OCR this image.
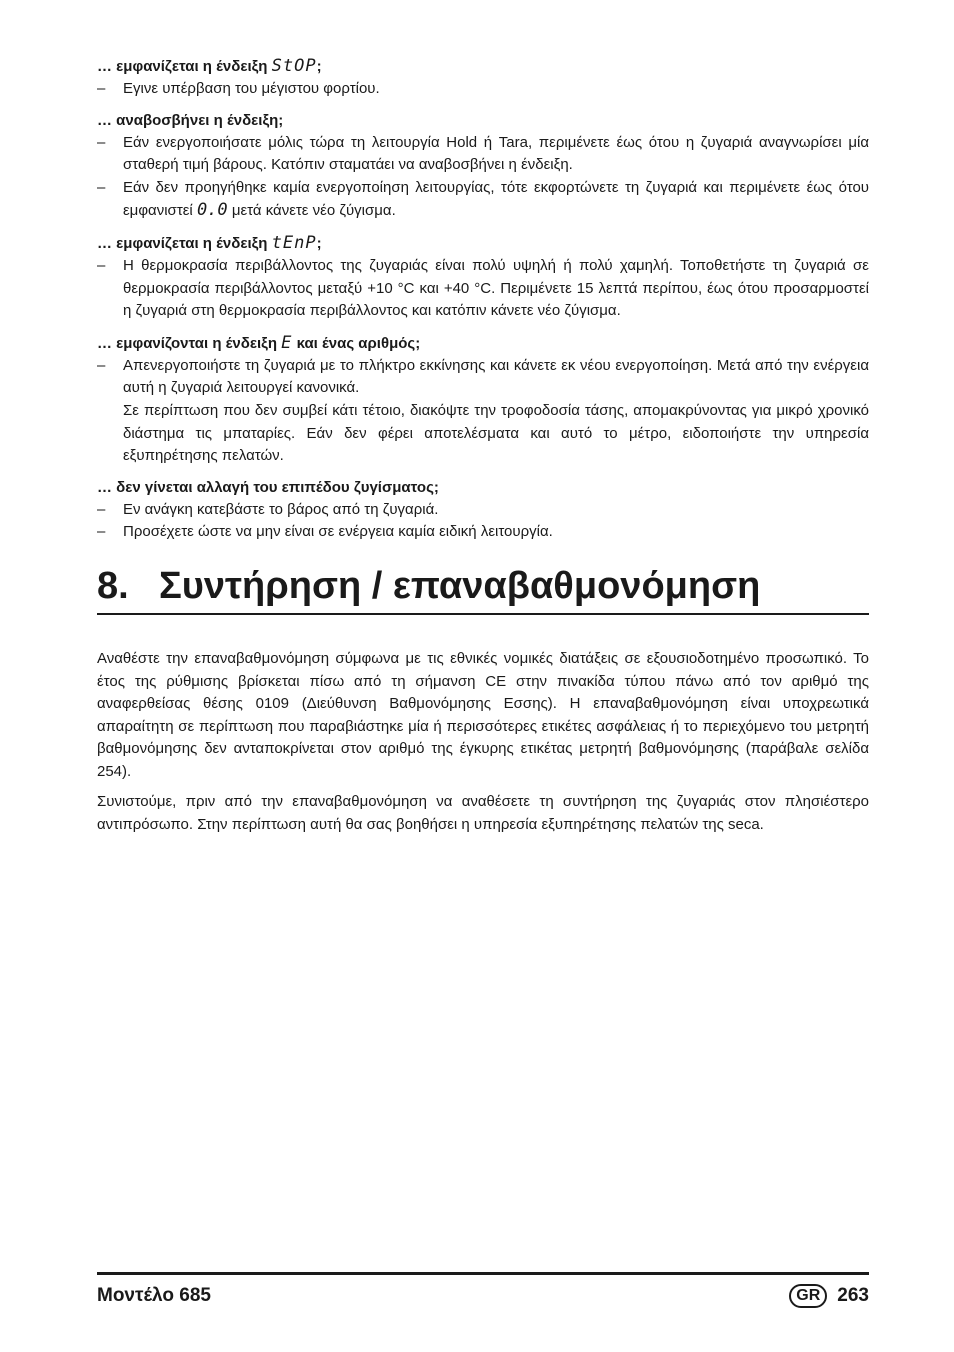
… εμφανίζεται η ένδειξη StOP;

– Εγινε υπέρβαση του μέγιστου φορτίου.

… αναβοσβήνει η ένδειξη;

– Εάν ενεργοποιήσατε μόλις τώρα τη λειτουργία Hold ή Tara, περιμένετε έως ότου η ζυγαριά αναγνωρίσει μία σταθερή τιμή βάρους. Κατόπιν σταματάει να αναβοσβήνει η ένδειξη.

– Εάν δεν προηγήθηκε καμία ενεργοποίηση λειτουργίας, τότε εκφορτώνετε τη ζυγαριά και περιμένετε έως ότου εμφανιστεί 0.0 μετά κάνετε νέο ζύγισμα.

… εμφανίζεται η ένδειξη tEnP;

– Η θερμοκρασία περιβάλλοντος της ζυγαριάς είναι πολύ υψηλή ή πολύ χαμηλή. Τοποθετήστε τη ζυγαριά σε θερμοκρασία περιβάλλοντος μεταξύ +10 °C και +40 °C. Περιμένετε 15 λεπτά περίπου, έως ότου προσαρμοστεί η ζυγαριά στη θερμοκρασία περιβάλλοντος και κατόπιν κάνετε νέο ζύγισμα.

… εμφανίζονται η ένδειξη E και ένας αριθμός;

– Απενεργοποιήστε τη ζυγαριά με το πλήκτρο εκκίνησης και κάνετε εκ νέου ενεργοποίηση. Μετά από την ενέργεια αυτή η ζυγαριά λειτουργεί κανονικά.

Σε περίπτωση που δεν συμβεί κάτι τέτοιο, διακόψτε την τροφοδοσία τάσης, απομακρύνοντας για μικρό χρονικό διάστημα τις μπαταρίες. Εάν δεν φέρει αποτελέσματα και αυτό το μέτρο, ειδοποιήστε την υπηρεσία εξυπηρέτησης πελατών.

… δεν γίνεται αλλαγή του επιπέδου ζυγίσματος;

– Εν ανάγκη κατεβάστε το βάρος από τη ζυγαριά.

– Προσέχετε ώστε να μην είναι σε ενέργεια καμία ειδική λειτουργία.

8. Συντήρηση / επαναβαθμονόμηση

Αναθέστε την επαναβαθμονόμηση σύμφωνα με τις εθνικές νομικές διατάξεις σε εξουσιοδοτημένο προσωπικό. Το έτος της ρύθμισης βρίσκεται πίσω από τη σήμανση CE στην πινακίδα τύπου πάνω από τον αριθμό της αναφερθείσας θέσης 0109 (Διεύθυνση Βαθμονόμησης Εσσης). Η επαναβαθμονόμηση είναι υποχρεωτικά απαραίτητη σε περίπτωση που παραβιάστηκε μία ή περισσότερες ετικέτες ασφάλειας ή το περιεχόμενο του μετρητή βαθμονόμησης δεν ανταποκρίνεται στον αριθμό της έγκυρης ετικέτας μετρητή βαθμονόμησης (παράβαλε σελίδα 254).

Συνιστούμε, πριν από την επαναβαθμονόμηση να αναθέσετε τη συντήρηση της ζυγαριάς στον πλησιέστερο αντιπρόσωπο. Στην περίπτωση αυτή θα σας βοηθήσει η υπηρεσία εξυπηρέτησης πελατών της seca.

Μοντέλο 685	GR 263
